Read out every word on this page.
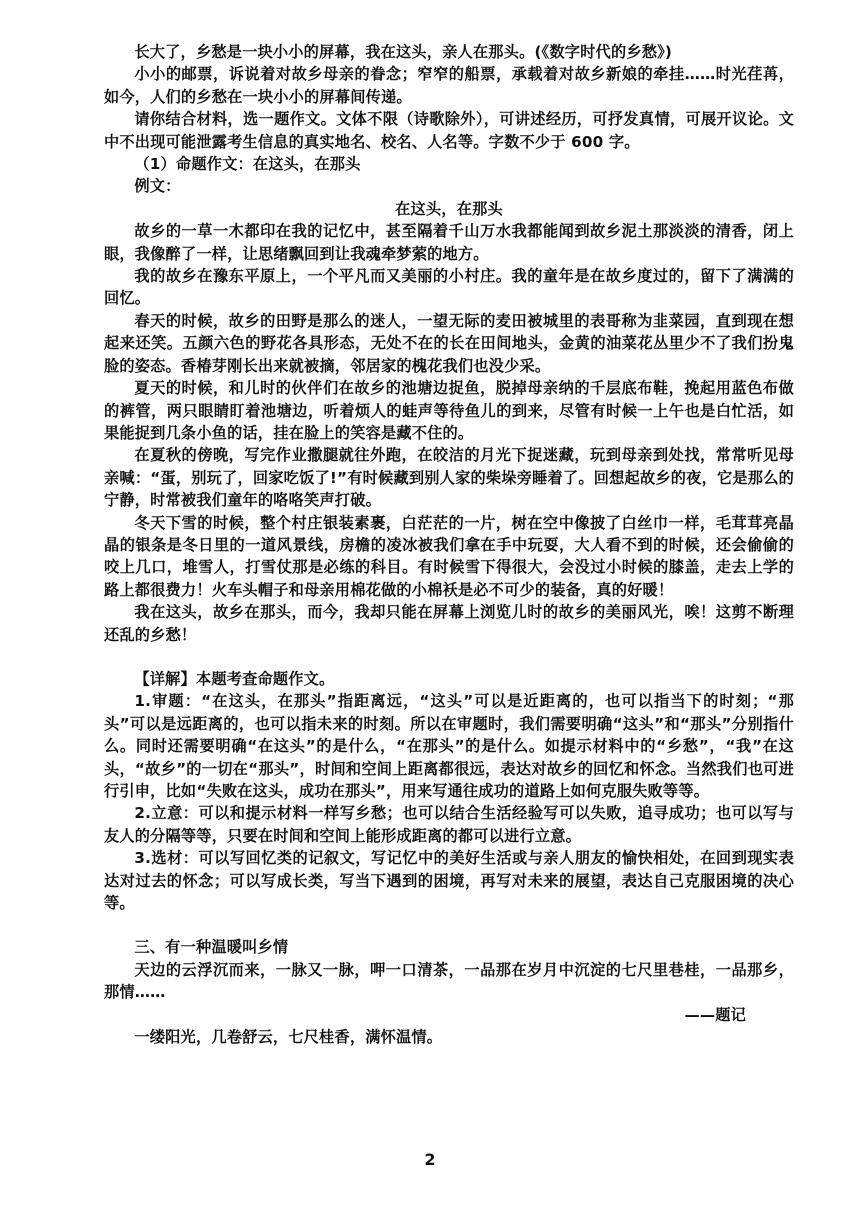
长大了，乡愁是一块小小的屏幕，我在这头，亲人在那头。(《数字时代的乡愁》)

小小的邮票，诉说着对故乡母亲的眷念；窄窄的船票，承载着对故乡新娘的牵挂……时光荏苒，如今，人们的乡愁在一块小小的屏幕间传递。

请你结合材料，选一题作文。文体不限（诗歌除外），可讲述经历，可抒发真情，可展开议论。文中不出现可能泄露考生信息的真实地名、校名、人名等。字数不少于 600 字。

（1）命题作文：在这头，在那头

例文：

在这头，在那头

故乡的一草一木都印在我的记忆中，甚至隔着千山万水我都能闻到故乡泥土那淡淡的清香，闭上眼，我像醉了一样，让思绪飘回到让我魂牵梦萦的地方。

我的故乡在豫东平原上，一个平凡而又美丽的小村庄。我的童年是在故乡度过的，留下了满满的回忆。

春天的时候，故乡的田野是那么的迷人，一望无际的麦田被城里的表哥称为韭菜园，直到现在想起来还笑。五颜六色的野花各具形态，无处不在的长在田间地头，金黄的油菜花丛里少不了我们扮鬼脸的姿态。香椿芽刚长出来就被摘，邻居家的槐花我们也没少采。

夏天的时候，和儿时的伙伴们在故乡的池塘边捉鱼，脱掉母亲纳的千层底布鞋，挽起用蓝色布做的裤管，两只眼睛盯着池塘边，听着烦人的蛙声等待鱼儿的到来，尽管有时候一上午也是白忙活，如果能捉到几条小鱼的话，挂在脸上的笑容是藏不住的。

在夏秋的傍晚，写完作业撒腿就往外跑，在皎洁的月光下捉迷藏，玩到母亲到处找，常常听见母亲喊：“蛋，别玩了，回家吃饭了!”有时候藏到别人家的柴垛旁睡着了。回想起故乡的夜，它是那么的宁静，时常被我们童年的咯咯笑声打破。

冬天下雪的时候，整个村庄银装素裹，白茫茫的一片，树在空中像披了白丝巾一样，毛茸茸亮晶晶的银条是冬日里的一道风景线，房檐的凌冰被我们拿在手中玩耍，大人看不到的时候，还会偷偷的咬上几口，堆雪人，打雪仗那是必练的科目。有时候雪下得很大，会没过小时候的膝盖，走去上学的路上都很费力！火车头帽子和母亲用棉花做的小棉袄是必不可少的装备，真的好暖！

我在这头，故乡在那头，而今，我却只能在屏幕上浏览儿时的故乡的美丽风光，唉！这剪不断理还乱的乡愁！

【详解】本题考查命题作文。

1.审题：“在这头，在那头”指距离远，“这头”可以是近距离的，也可以指当下的时刻；“那头”可以是远距离的，也可以指未来的时刻。所以在审题时，我们需要明确“这头”和“那头”分别指什么。同时还需要明确“在这头”的是什么，“在那头”的是什么。如提示材料中的“乡愁”，“我”在这头，“故乡”的一切在“那头”，时间和空间上距离都很远，表达对故乡的回忆和怀念。当然我们也可进行引申，比如“失败在这头，成功在那头”，用来写通往成功的道路上如何克服失败等等。

2.立意：可以和提示材料一样写乡愁；也可以结合生活经验写可以失败，追寻成功；也可以写与友人的分隔等等，只要在时间和空间上能形成距离的都可以进行立意。

3.选材：可以写回忆类的记叙文，写记忆中的美好生活或与亲人朋友的愉快相处，在回到现实表达对过去的怀念；可以写成长类，写当下遇到的困境，再写对未来的展望，表达自己克服困境的决心等。

三、有一种温暖叫乡情

天边的云浮沉而来，一脉又一脉，呷一口清茶，一品那在岁月中沉淀的七尺里巷桂，一品那乡，那情……

——题记

一缕阳光，几卷舒云，七尺桂香，满怀温情。

2
